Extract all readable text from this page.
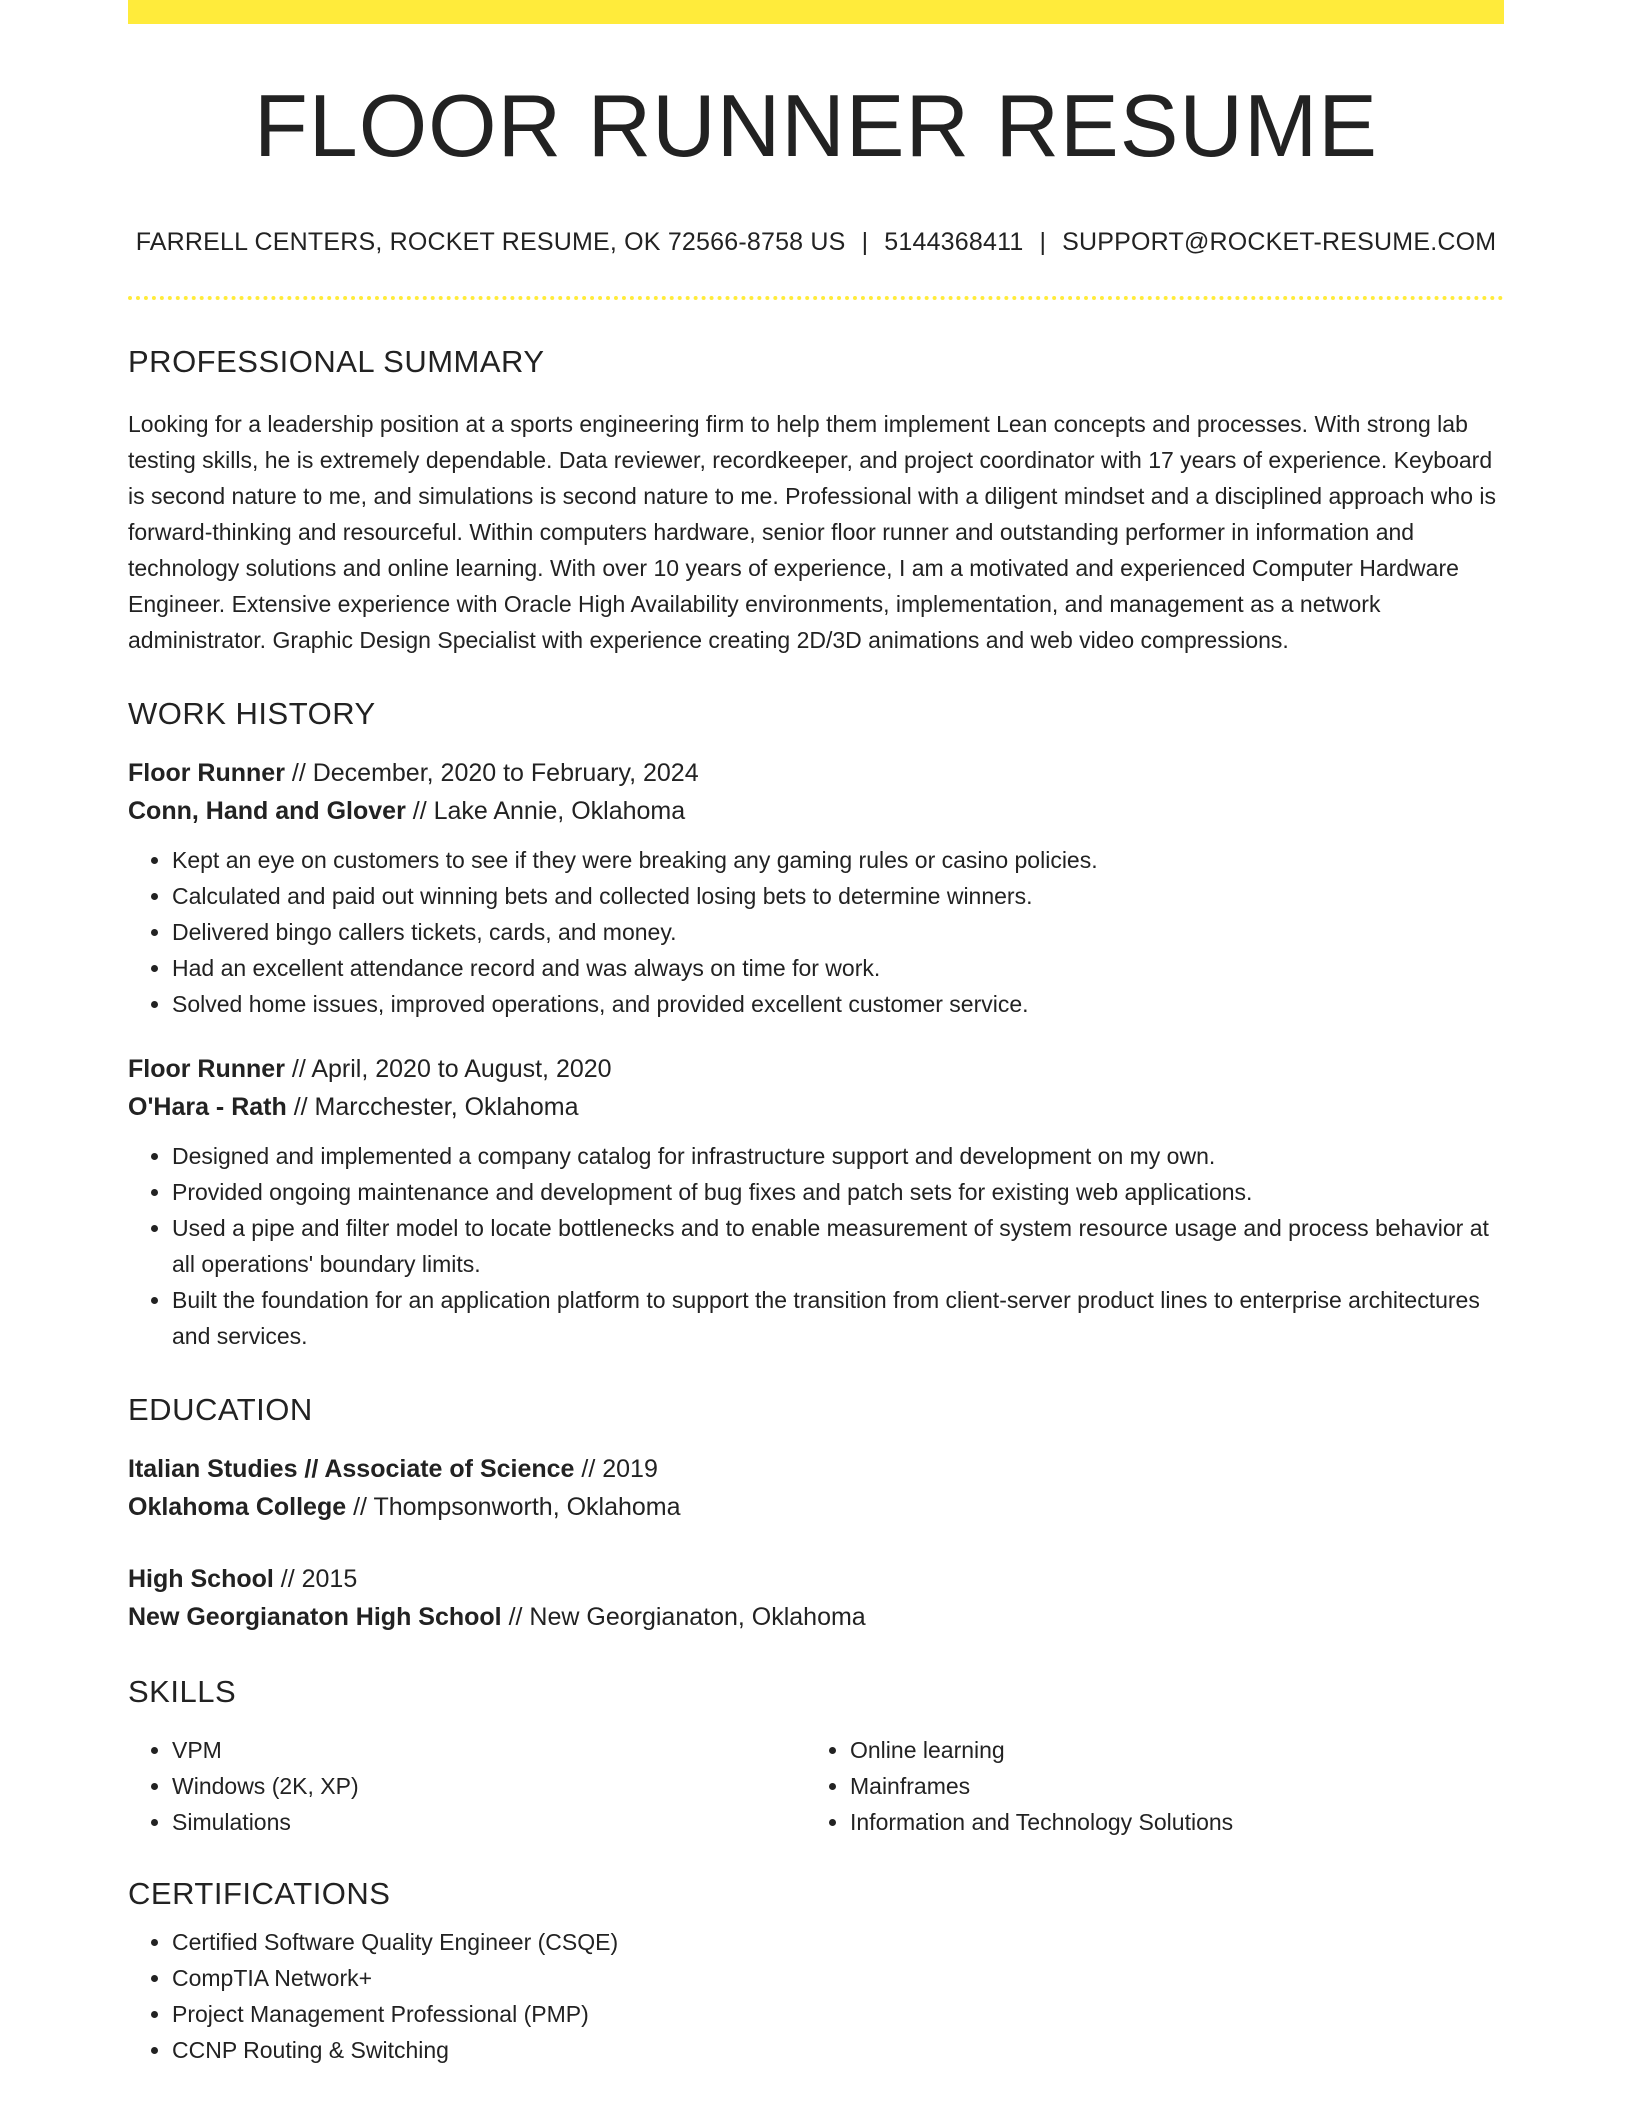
FLOOR RUNNER RESUME
FARRELL CENTERS, ROCKET RESUME, OK 72566-8758 US | 5144368411 | SUPPORT@ROCKET-RESUME.COM
PROFESSIONAL SUMMARY

Looking for a leadership position at a sports engineering firm to help them implement Lean concepts and processes. With strong lab testing skills, he is extremely dependable. Data reviewer, recordkeeper, and project coordinator with 17 years of experience. Keyboard is second nature to me, and simulations is second nature to me. Professional with a diligent mindset and a disciplined approach who is forward-thinking and resourceful. Within computers hardware, senior floor runner and outstanding performer in information and technology solutions and online learning. With over 10 years of experience, I am a motivated and experienced Computer Hardware Engineer. Extensive experience with Oracle High Availability environments, implementation, and management as a network administrator. Graphic Design Specialist with experience creating 2D/3D animations and web video compressions.

WORK HISTORY

Floor Runner // December, 2020 to February, 2024

Conn, Hand and Glover // Lake Annie, Oklahoma

• Kept an eye on customers to see if they were breaking any gaming rules or casino policies.
• Calculated and paid out winning bets and collected losing bets to determine winners.
• Delivered bingo callers tickets, cards, and money.
• Had an excellent attendance record and was always on time for work.
• Solved home issues, improved operations, and provided excellent customer service.

Floor Runner // April, 2020 to August, 2020

O'Hara - Rath // Marcchester, Oklahoma

• Designed and implemented a company catalog for infrastructure support and development on my own.
• Provided ongoing maintenance and development of bug fixes and patch sets for existing web applications.
• Used a pipe and filter model to locate bottlenecks and to enable measurement of system resource usage and process behavior at all operations' boundary limits.
• Built the foundation for an application platform to support the transition from client-server product lines to enterprise architectures and services.
EDUCATION

Italian Studies // Associate of Science // 2019

Oklahoma College // Thompsonworth, Oklahoma

High School // 2015

New Georgianaton High School // New Georgianaton, Oklahoma

SKILLS
• VPM
• Windows (2K, XP)
• Simulations
• Online learning
• Mainframes
• Information and Technology Solutions
CERTIFICATIONS
• Certified Software Quality Engineer (CSQE)
• CompTIA Network+
• Project Management Professional (PMP)
• CCNP Routing & Switching
